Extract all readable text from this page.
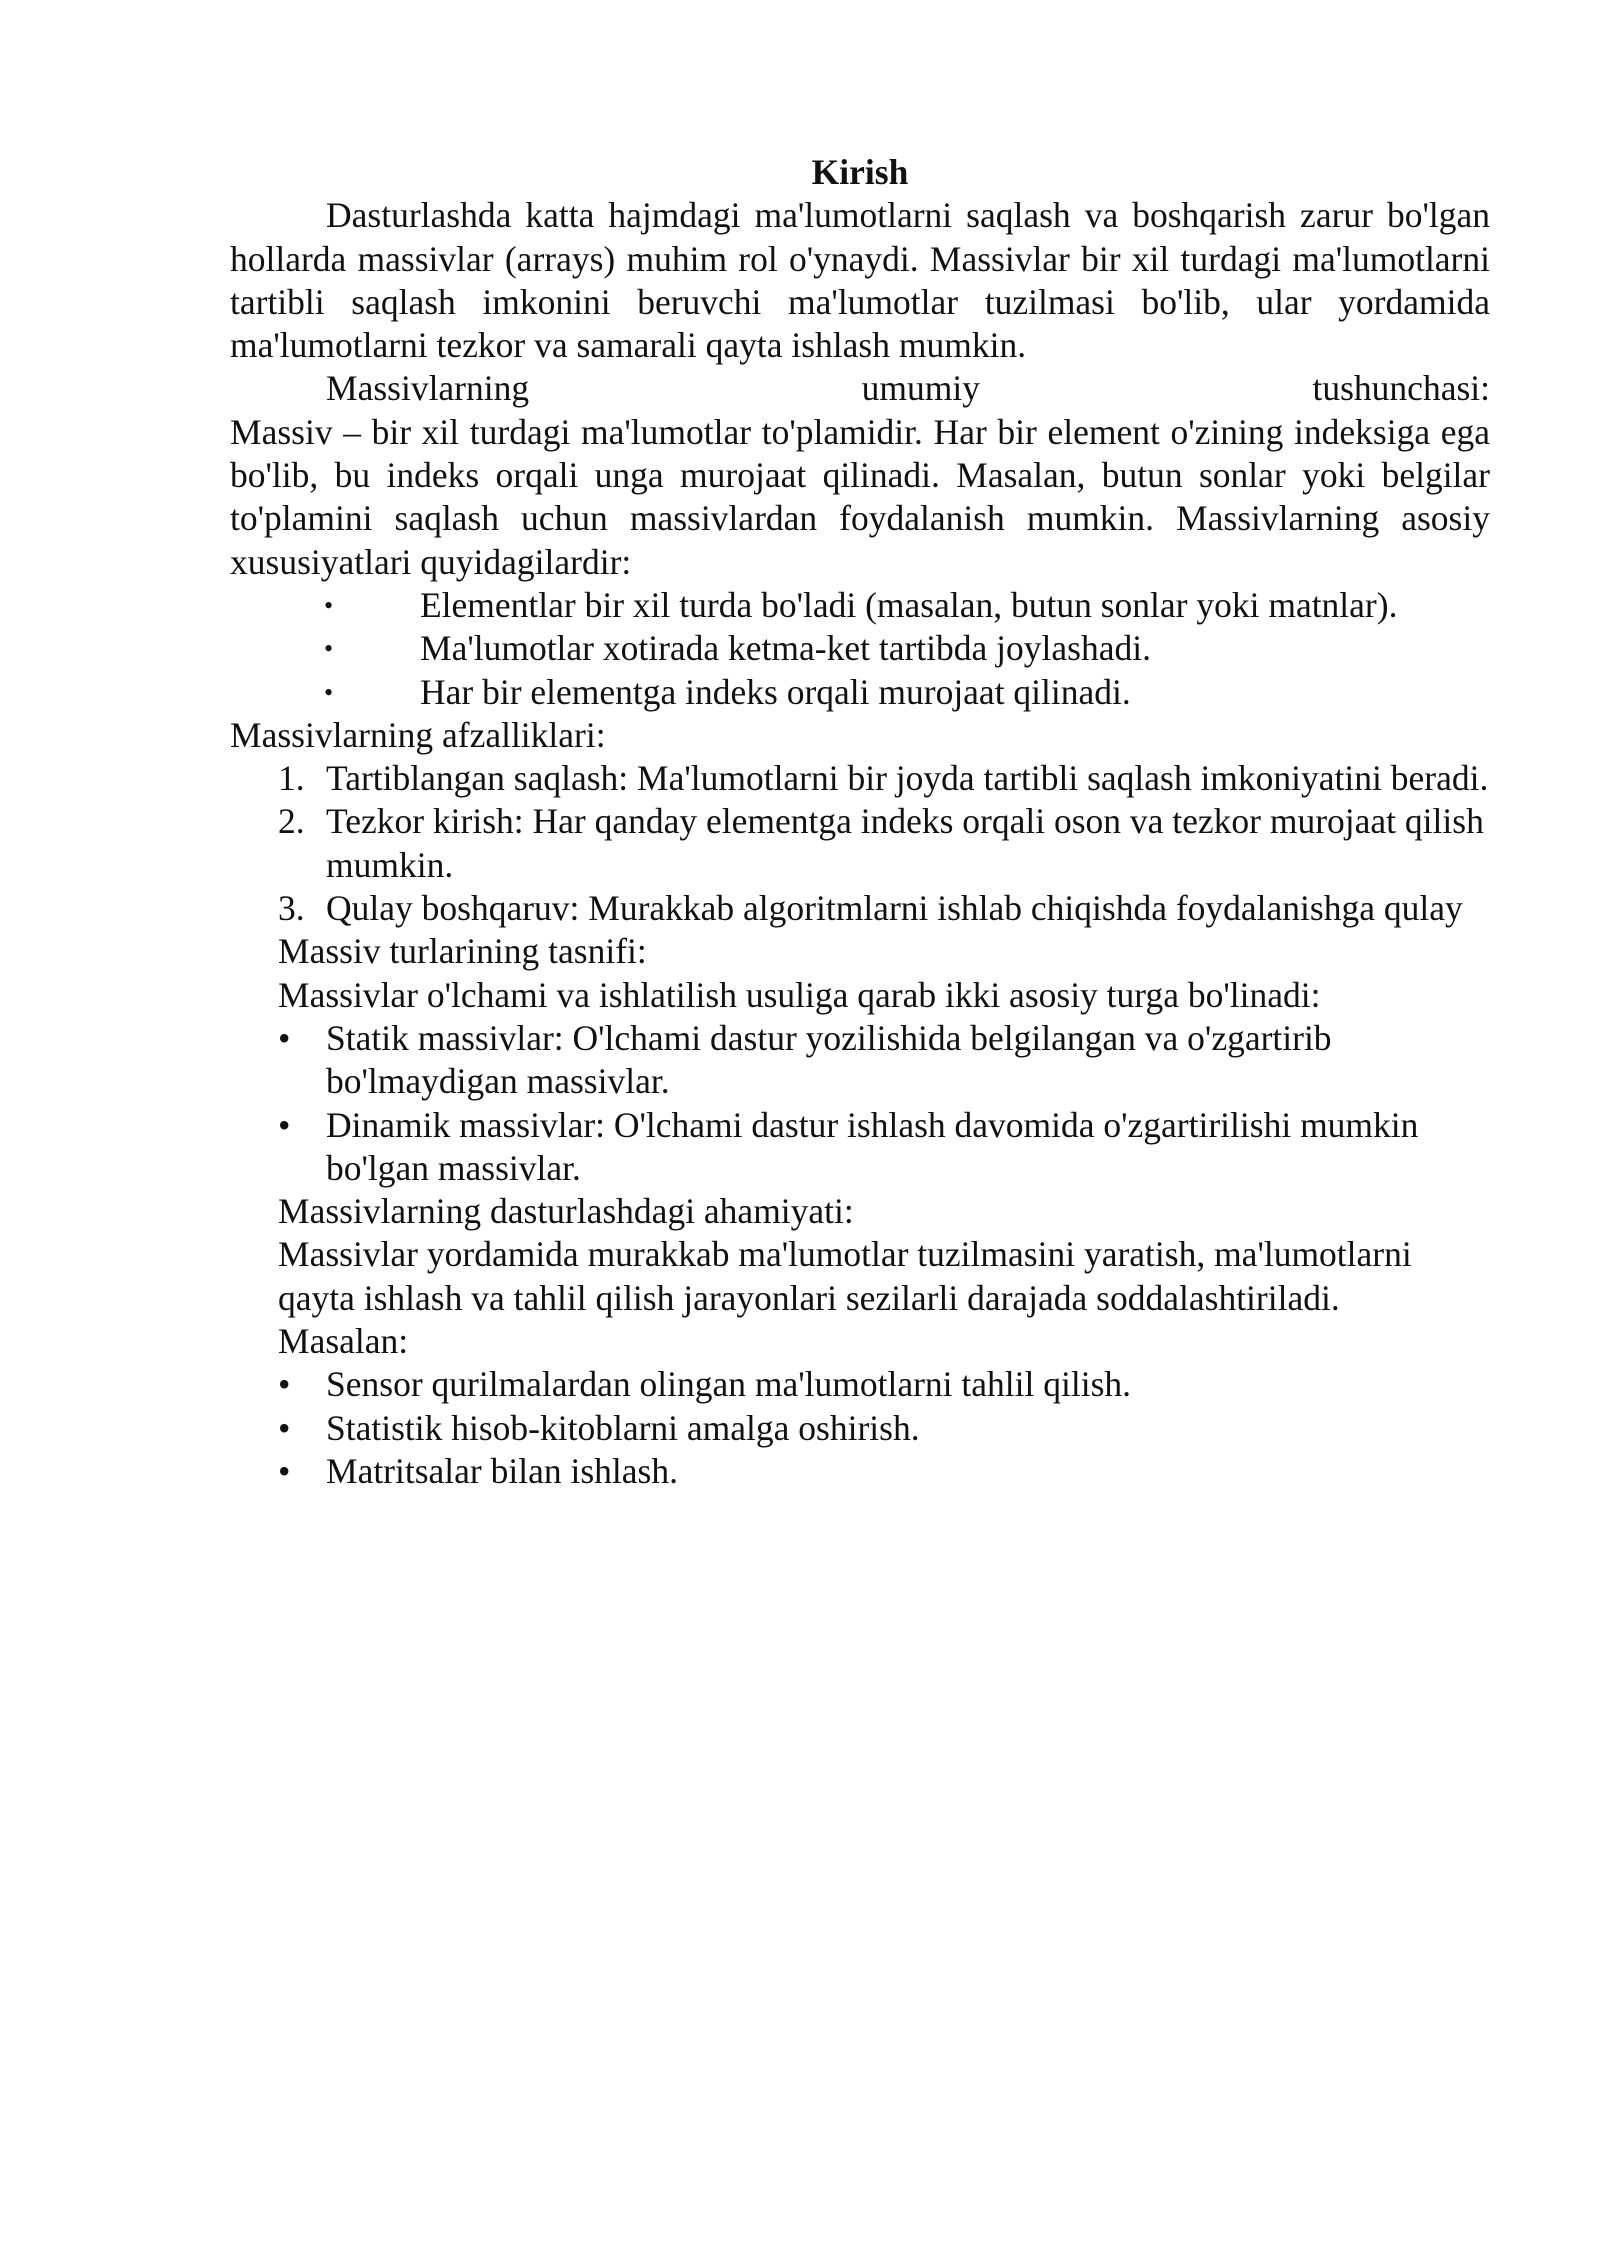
Kirish

Dasturlashda katta hajmdagi ma'lumotlarni saqlash va boshqarish zarur bo'lgan hollarda massivlar (arrays) muhim rol o'ynaydi. Massivlar bir xil turdagi ma'lumotlarni tartibli saqlash imkonini beruvchi ma'lumotlar tuzilmasi bo'lib, ular yordamida ma'lumotlarni tezkor va samarali qayta ishlash mumkin.

Massivlarning umumiy tushunchasi:

Massiv – bir xil turdagi ma'lumotlar to'plamidir. Har bir element o'zining indeksiga ega bo'lib, bu indeks orqali unga murojaat qilinadi. Masalan, butun sonlar yoki belgilar to'plamini saqlash uchun massivlardan foydalanish mumkin. Massivlarning asosiy xususiyatlari quyidagilardir:

• Elementlar bir xil turda bo'ladi (masalan, butun sonlar yoki matnlar).
• Ma'lumotlar xotirada ketma-ket tartibda joylashadi.
• Har bir elementga indeks orqali murojaat qilinadi.

Massivlarning afzalliklari:

1. Tartiblangan saqlash: Ma'lumotlarni bir joyda tartibli saqlash imkoniyatini beradi.
2. Tezkor kirish: Har qanday elementga indeks orqali oson va tezkor murojaat qilish mumkin.
3. Qulay boshqaruv: Murakkab algoritmlarni ishlab chiqishda foydalanishga qulay

Massiv turlarining tasnifi:

Massivlar o'lchami va ishlatilish usuliga qarab ikki asosiy turga bo'linadi:

• Statik massivlar: O'lchami dastur yozilishida belgilangan va o'zgartirib bo'lmaydigan massivlar.
• Dinamik massivlar: O'lchami dastur ishlash davomida o'zgartirilishi mumkin bo'lgan massivlar.

Massivlarning dasturlashdagi ahamiyati:

Massivlar yordamida murakkab ma'lumotlar tuzilmasini yaratish, ma'lumotlarni qayta ishlash va tahlil qilish jarayonlari sezilarli darajada soddalashtiriladi.

Masalan:

• Sensor qurilmalardan olingan ma'lumotlarni tahlil qilish.
• Statistik hisob-kitoblarni amalga oshirish.
• Matritsalar bilan ishlash.
